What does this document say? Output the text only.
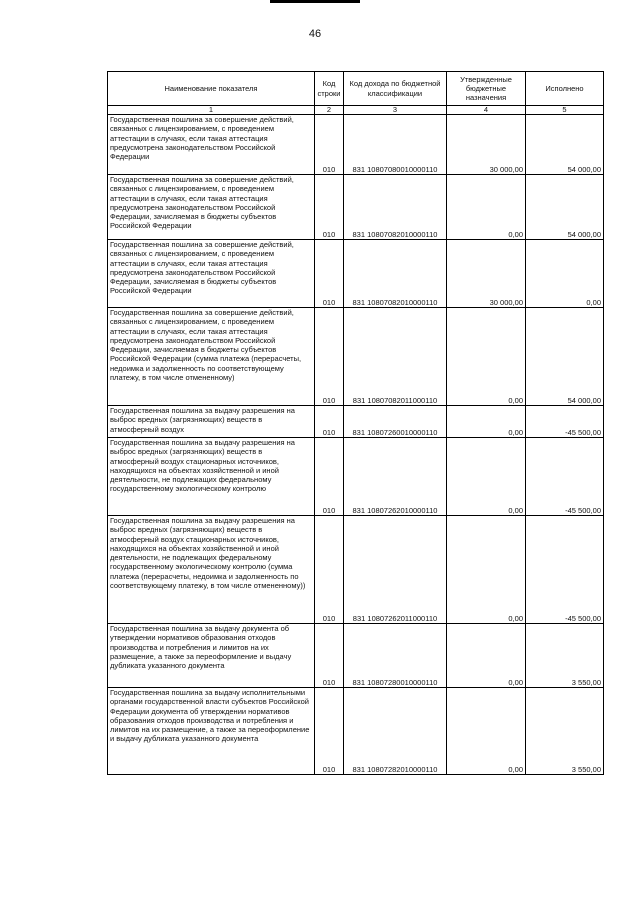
46
Наименование показателя	Код строки	Код дохода по бюджетной классификации	Утвержденные бюджетные назначения	Исполнено
1	2	3	4	5
Государственная пошлина за совершение действий, связанных с лицензированием, с проведением аттестации в случаях, если такая аттестация предусмотрена законодательством Российской Федерации	010	831 10807080010000110	30 000,00	54 000,00
Государственная пошлина за совершение действий, связанных с лицензированием, с проведением аттестации в случаях, если такая аттестация предусмотрена законодательством Российской Федерации, зачисляемая в бюджеты субъектов Российской Федерации	010	831 10807082010000110	0,00	54 000,00
Государственная пошлина за совершение действий, связанных с лицензированием, с проведением аттестации в случаях, если такая аттестация предусмотрена законодательством Российской Федерации, зачисляемая в бюджеты субъектов Российской Федерации	010	831 10807082010000110	30 000,00	0,00
Государственная пошлина за совершение действий, связанных с лицензированием, с проведением аттестации в случаях, если такая аттестация предусмотрена законодательством Российской Федерации, зачисляемая в бюджеты субъектов Российской Федерации (сумма платежа (перерасчеты, недоимка и задолженность по соответствующему платежу, в том числе отмененному)	010	831 10807082011000110	0,00	54 000,00
Государственная пошлина за выдачу разрешения на выброс вредных (загрязняющих) веществ в атмосферный воздух	010	831 10807260010000110	0,00	-45 500,00
Государственная пошлина за выдачу разрешения на выброс вредных (загрязняющих) веществ в атмосферный воздух стационарных источников, находящихся на объектах хозяйственной и иной деятельности, не подлежащих федеральному государственному экологическому контролю	010	831 10807262010000110	0,00	-45 500,00
Государственная пошлина за выдачу разрешения на выброс вредных (загрязняющих) веществ в атмосферный воздух стационарных источников, находящихся на объектах хозяйственной и иной деятельности, не подлежащих федеральному государственному экологическому контролю (сумма платежа (перерасчеты, недоимка и задолженность по соответствующему платежу, в том числе отмененному))	010	831 10807262011000110	0,00	-45 500,00
Государственная пошлина за выдачу документа об утверждении нормативов образования отходов производства и потребления и лимитов на их размещение, а также за переоформление и выдачу дубликата указанного документа	010	831 10807280010000110	0,00	3 550,00
Государственная пошлина за выдачу исполнительными органами государственной власти субъектов Российской Федерации документа об утверждении нормативов образования отходов производства и потребления и лимитов на их размещение, а также за переоформление и выдачу дубликата указанного документа	010	831 10807282010000110	0,00	3 550,00
